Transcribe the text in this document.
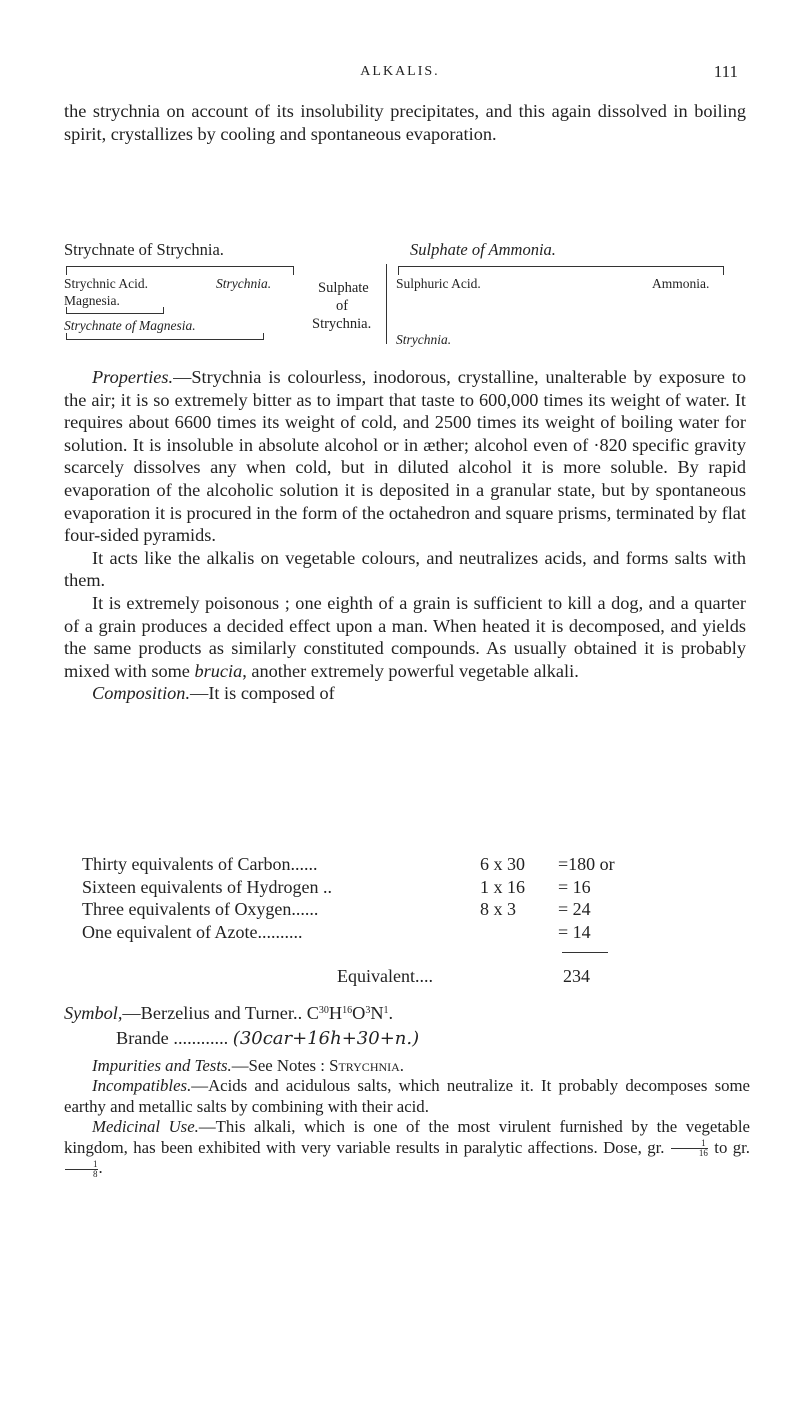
ALKALIS.	111

the strychnia on account of its insolubility precipitates, and this again dissolved in boiling spirit, crystallizes by cooling and spontaneous evaporation.

Strychnate of Strychnia.
Strychnic Acid.	Strychnia.
Magnesia.
Strychnate of Magnesia.
Sulphate
of
Strychnia.
Sulphate of Ammonia.
Sulphuric Acid.	Ammonia.
Strychnia.

Properties.—Strychnia is colourless, inodorous, crystalline, unalterable by exposure to the air; it is so extremely bitter as to impart that taste to 600,000 times its weight of water. It requires about 6600 times its weight of cold, and 2500 times its weight of boiling water for solution. It is insoluble in absolute alcohol or in æther; alcohol even of ·820 specific gravity scarcely dissolves any when cold, but in diluted alcohol it is more soluble. By rapid evaporation of the alcoholic solution it is deposited in a granular state, but by spontaneous evaporation it is procured in the form of the octahedron and square prisms, terminated by flat four-sided pyramids.

It acts like the alkalis on vegetable colours, and neutralizes acids, and forms salts with them.

It is extremely poisonous ; one eighth of a grain is sufficient to kill a dog, and a quarter of a grain produces a decided effect upon a man. When heated it is decomposed, and yields the same products as similarly constituted compounds. As usually obtained it is probably mixed with some brucia, another extremely powerful vegetable alkali.

Composition.—It is composed of

Thirty equivalents of Carbon......	6 x 30 =180 or
Sixteen equivalents of Hydrogen ..	1 x 16 = 16
Three equivalents of Oxygen......	8 x 3 = 24
One equivalent of Azote..........	= 14
Equivalent....	234
Symbol,—Berzelius and Turner.. $C^{30}H^{16}O^3N^1$.
Brande ............ (30car+16h+30+n.)

Impurities and Tests.—See Notes : Strychnia.

Incompatibles.—Acids and acidulous salts, which neutralize it. It probably decomposes some earthy and metallic salts by combining with their acid.

Medicinal Use.—This alkali, which is one of the most virulent furnished by the vegetable kingdom, has been exhibited with very variable results in paralytic affections. Dose, gr. $\frac{1}{16}$ to gr.
$\frac{1}{8}$ .
